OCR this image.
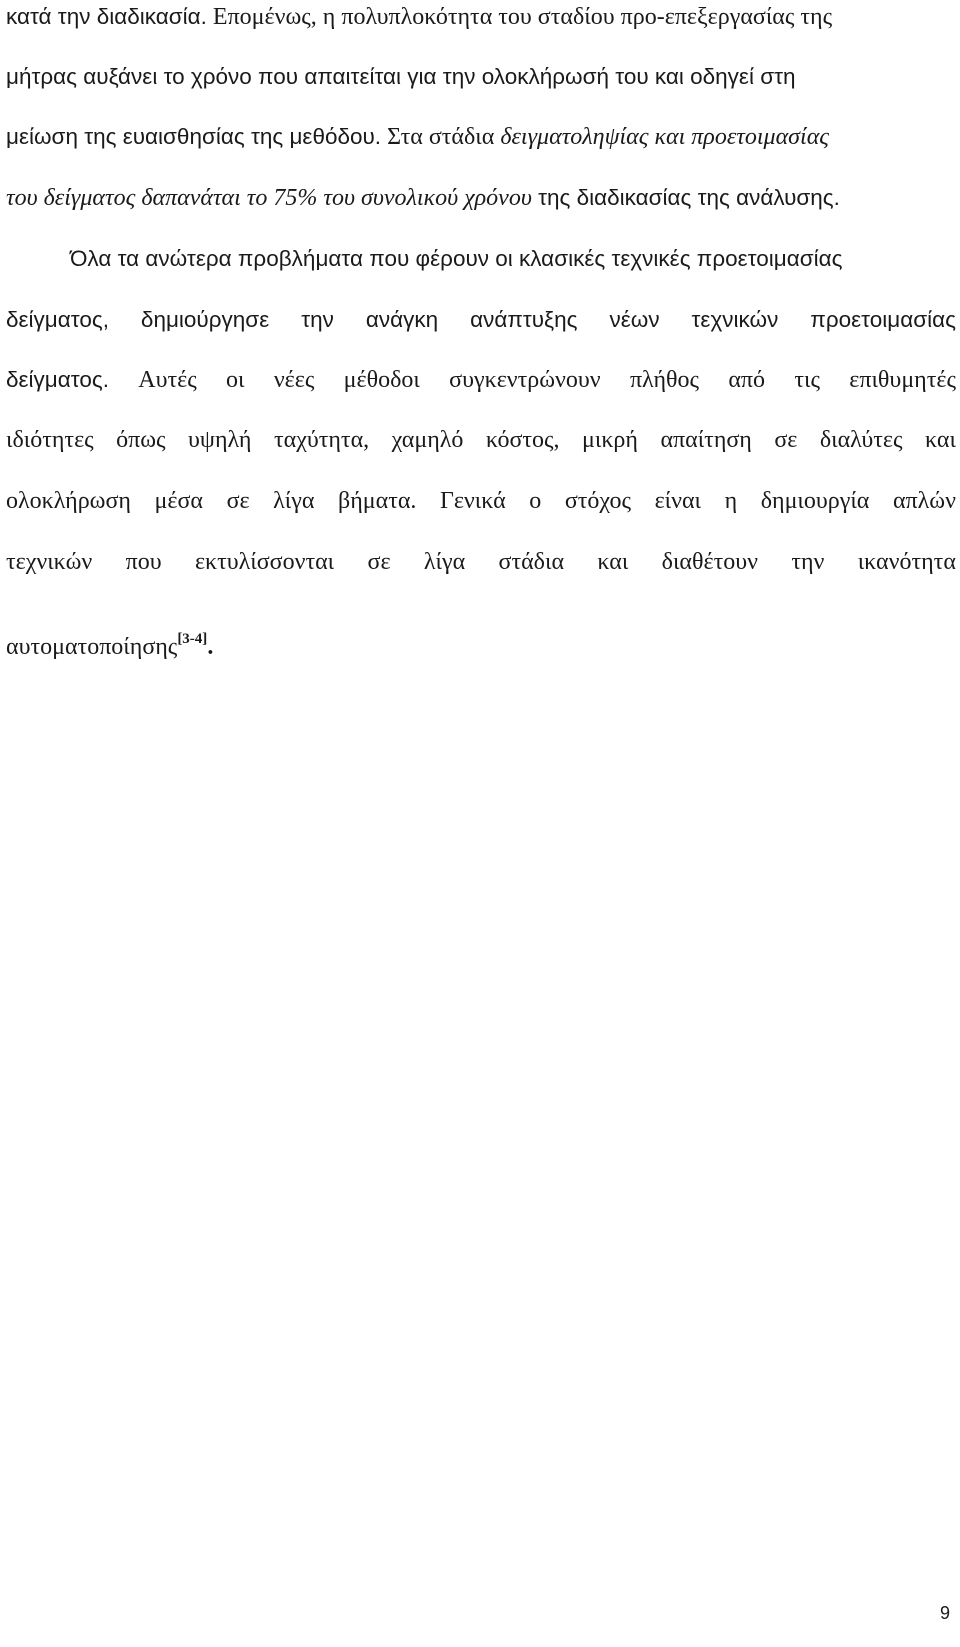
κατά την διαδικασία. Επομένως, η πολυπλοκότητα του σταδίου προ-επεξεργασίας της
μήτρας αυξάνει το χρόνο που απαιτείται για την ολοκλήρωσή του και οδηγεί στη
μείωση της ευαισθησίας της μεθόδου. Στα στάδια δειγματοληψίας και προετοιμασίας
του δείγματος δαπανάται το 75% του συνολικού χρόνου της διαδικασίας της ανάλυσης.
Όλα τα ανώτερα προβλήματα που φέρουν οι κλασικές τεχνικές προετοιμασίας
δείγματος, δημιούργησε την ανάγκη ανάπτυξης νέων τεχνικών προετοιμασίας
δείγματος. Αυτές οι νέες μέθοδοι συγκεντρώνουν πλήθος από τις επιθυμητές
ιδιότητες όπως υψηλή ταχύτητα, χαμηλό κόστος, μικρή απαίτηση σε διαλύτες και
ολοκλήρωση μέσα σε λίγα βήματα. Γενικά ο στόχος είναι η δημιουργία απλών
τεχνικών που εκτυλίσσονται σε λίγα στάδια και διαθέτουν την ικανότητα
αυτοματοποίησης[3-4].
9
